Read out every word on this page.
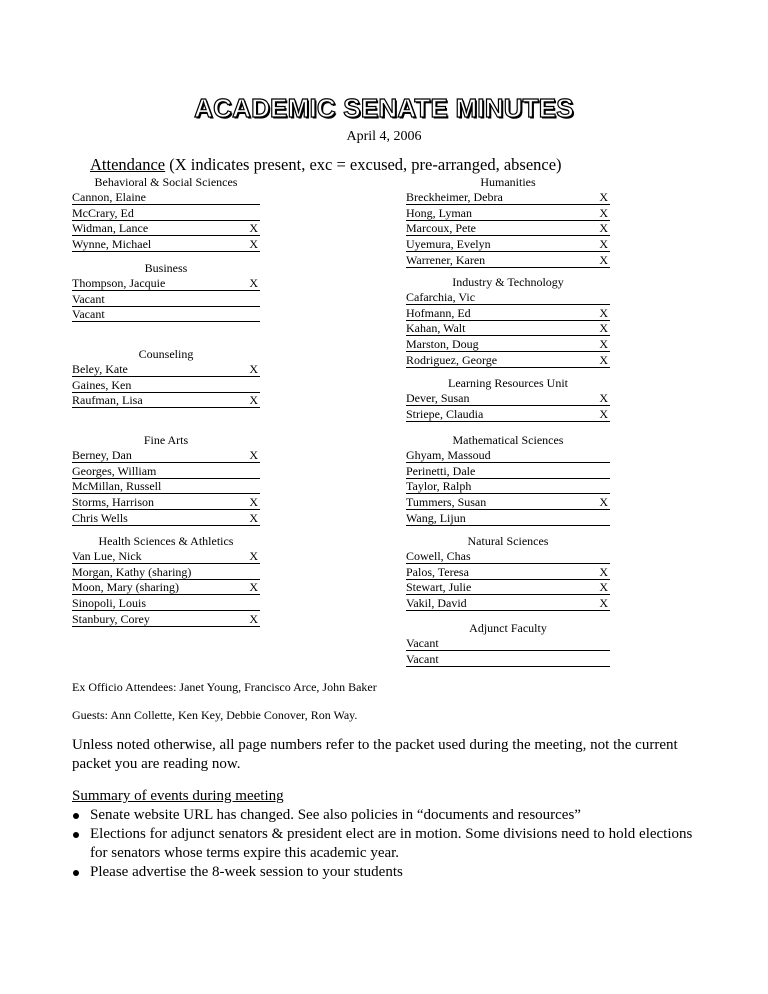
ACADEMIC SENATE MINUTES
April 4, 2006
Attendance (X indicates present, exc = excused, pre-arranged, absence)
Behavioral & Social Sciences
Cannon, Elaine
McCrary, Ed
Widman, Lance	X
Wynne, Michael	X
Business
Thompson, Jacquie	X
Vacant
Vacant
Counseling
Beley, Kate	X
Gaines, Ken
Raufman, Lisa	X
Fine Arts
Berney, Dan	X
Georges, William
McMillan, Russell
Storms, Harrison	X
Chris Wells	X
Health Sciences & Athletics
Van Lue, Nick	X
Morgan, Kathy (sharing)
Moon, Mary (sharing)	X
Sinopoli, Louis
Stanbury, Corey	X
Humanities
Breckheimer, Debra	X
Hong, Lyman	X
Marcoux, Pete	X
Uyemura, Evelyn	X
Warrener, Karen	X
Industry & Technology
Cafarchia, Vic
Hofmann, Ed	X
Kahan, Walt	X
Marston, Doug	X
Rodriguez, George	X
Learning Resources Unit
Dever, Susan	X
Striepe, Claudia	X
Mathematical Sciences
Ghyam, Massoud
Perinetti, Dale
Taylor, Ralph
Tummers, Susan	X
Wang, Lijun
Natural Sciences
Cowell, Chas
Palos, Teresa	X
Stewart, Julie	X
Vakil, David	X
Adjunct Faculty
Vacant
Vacant
Ex Officio Attendees: Janet Young, Francisco Arce, John Baker
Guests: Ann Collette, Ken Key, Debbie Conover, Ron Way.
Unless noted otherwise, all page numbers refer to the packet used during the meeting, not the current packet you are reading now.
Summary of events during meeting
Senate website URL has changed. See also policies in “documents and resources”
Elections for adjunct senators & president elect are in motion. Some divisions need to hold elections for senators whose terms expire this academic year.
Please advertise the 8-week session to your students
